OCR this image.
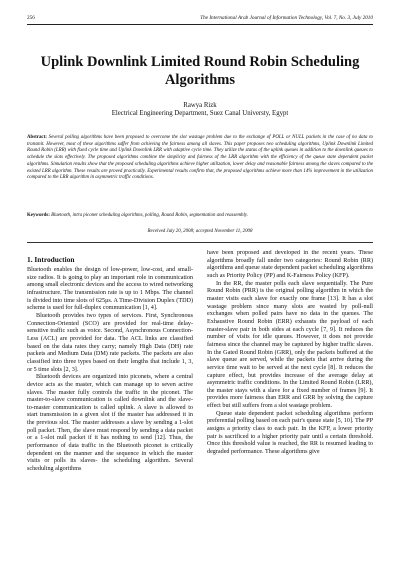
256	The International Arab Journal of Information Technology, Vol. 7, No. 3, July 2010
Uplink Downlink Limited Round Robin Scheduling Algorithms
Rawya Rizk
Electrical Engineering Department, Suez Canal Universty, Egypt
Abstract: Several polling algorithms have been proposed to overcome the slot wastage problem due to the exchange of POLL or NULL packets in the case of no data to transmit. However, most of these algorithms suffer from achieving the fairness among all slaves. This paper proposes two scheduling algorithms, Uplink Downlink Limited Round Robin (LRR) with fixed cycle time and Uplink Downlink LRR with adaptive cycle time. They utilize the status of the uplink queues in addition to the downlink queues to schedule the slots effectively. The proposed algorithms combine the simplicity and fairness of the LRR algorithm with the efficiency of the queue state dependent packet algorithms. Simulation results show that the proposed scheduling algorithms achieve higher utilization, lower delay and reasonable fairness among the slaves compared to the existed LRR algorithm. These results are proved practically. Experimental results confirm that, the proposed algorithms achieve more than 14% improvement in the utilization compared to the LRR algorithm in asymmetric traffic conditions.
Keywords: Bluetooth, intra piconet scheduling algorithms, polling, Round Robin, segmentation and reassembly.
Received July 20, 2008; accepted November 11, 2008
1. Introduction

Bluetooth enables the design of low-power, low-cost, and small-size radios. It is going to play an important role in communication among small electronic devices and the access to wired networking infrastructure. The transmission rate is up to 1 Mbps. The channel is divided into time slots of 625μs. A Time-Division Duplex (TDD) scheme is used for full-duplex communication [1, 4].

Bluetooth provides two types of services. First, Synchronous Connection-Oriented (SCO) are provided for real-time delay-sensitive traffic such as voice. Second, Asynchronous Connection-Less (ACL) are provided for data. The ACL links are classified based on the data rates they carry; namely High Data (DH) rate packets and Medium Data (DM) rate packets. The packets are also classified into three types based on their lengths that include 1, 3, or 5 time slots [2, 3].

Bluetooth devices are organized into piconets, where a central device acts as the master, which can manage up to seven active slaves. The master fully controls the traffic in the piconet. The master-to-slave communication is called downlink and the slave-to-master communication is called uplink. A slave is allowed to start transmission in a given slot if the master has addressed it in the previous slot. The master addresses a slave by sending a 1-slot poll packet. Then, the slave must respond by sending a data packet or a 1-slot null packet if it has nothing to send [12]. Thus, the performance of data traffic in the Bluetooth piconet is critically dependent on the manner and the sequence in which the master visits or polls its slaves- the scheduling algorithm. Several scheduling algorithms

have been proposed and developed in the recent years. These algorithms broadly fall under two categories: Round Robin (RR) algorithms and queue state dependent packet scheduling algorithms such as Priority Policy (PP) and K-Fairness Policy (KFP).

In the RR, the master polls each slave sequentially. The Pure Round Robin (PRR) is the original polling algorithm in which the master visits each slave for exactly one frame [13]. It has a slot wastage problem since many slots are wasted by poll-null exchanges when polled pairs have no data in the queues. The Exhaustive Round Robin (ERR) exhausts the payload of each master-slave pair in both sides at each cycle [7, 9]. It reduces the number of visits for idle queues. However, it does not provide fairness since the channel may be captured by higher traffic slaves. In the Gated Round Robin (GRR), only the packets buffered at the slave queue are served, while the packets that arrive during the service time wait to be served at the next cycle [8]. It reduces the capture effect, but provides increase of the average delay at asymmetric traffic conditions. In the Limited Round Robin (LRR), the master stays with a slave for a fixed number of frames [9]. It provides more fairness than ERR and GRR by solving the capture effect but still suffers from a slot wastage problem.

Queue state dependent packet scheduling algorithms perform preferential polling based on each pair's queue state [5, 10]. The PP assigns a priority class to each pair. In the KFP, a lower priority pair is sacrificed to a higher priority pair until a certain threshold. Once this threshold value is reached, the RR is resumed leading to degraded performance. These algorithms give
